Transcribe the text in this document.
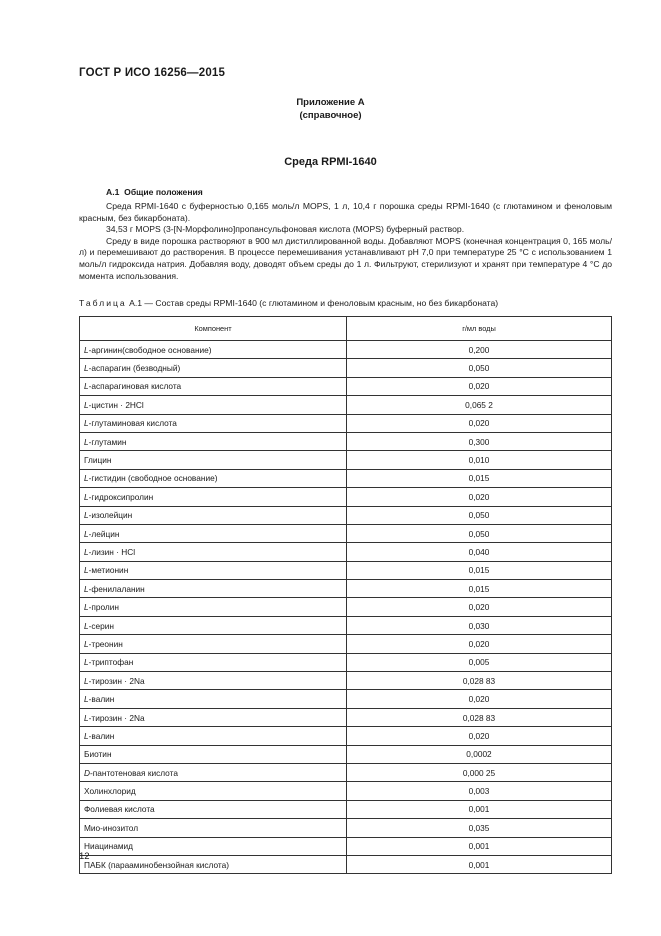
ГОСТ Р ИСО 16256—2015
Приложение А
(справочное)
Среда RPMI-1640
А.1 Общие положения

Среда RPMI-1640 с буферностью 0,165 моль/л MOPS, 1 л, 10,4 г порошка среды RPMI-1640 (с глютамином и феноловым красным, без бикарбоната).

34,53 г MOPS (3-[N-Морфолино]пропансульфоновая кислота (MOPS) буферный раствор.

Среду в виде порошка растворяют в 900 мл дистиллированной воды. Добавляют MOPS (конечная концентрация 0, 165 моль/л) и перемешивают до растворения. В процессе перемешивания устанавливают рН 7,0 при температуре 25 °С с использованием 1 моль/л гидроксида натрия. Добавляя воду, доводят объем среды до 1 л. Фильтруют, стерилизуют и хранят при температуре 4 °С до момента использования.

Таблица А.1 — Состав среды RPMI-1640 (с глютамином и феноловым красным, но без бикарбоната)
Компонент	г/мл воды
L-аргинин(свободное основание)	0,200
L-аспарагин (безводный)	0,050
L-аспарагиновая кислота	0,020
L-цистин · 2HCl	0,065 2
L-глутаминовая кислота	0,020
L-глутамин	0,300
Глицин	0,010
L-гистидин (свободное основание)	0,015
L-гидроксипролин	0,020
L-изолейцин	0,050
L-лейцин	0,050
L-лизин · HCl	0,040
L-метионин	0,015
L-фенилаланин	0,015
L-пролин	0,020
L-серин	0,030
L-треонин	0,020
L-триптофан	0,005
L-тирозин · 2Na	0,028 83
L-валин	0,020
L-тирозин · 2Na	0,028 83
L-валин	0,020
Биотин	0,0002
D-пантотеновая кислота	0,000 25
Холинхлорид	0,003
Фолиевая кислота	0,001
Мио-инозитол	0,035
Ниацинамид	0,001
ПАБК (парааминобензойная кислота)	0,001
12
